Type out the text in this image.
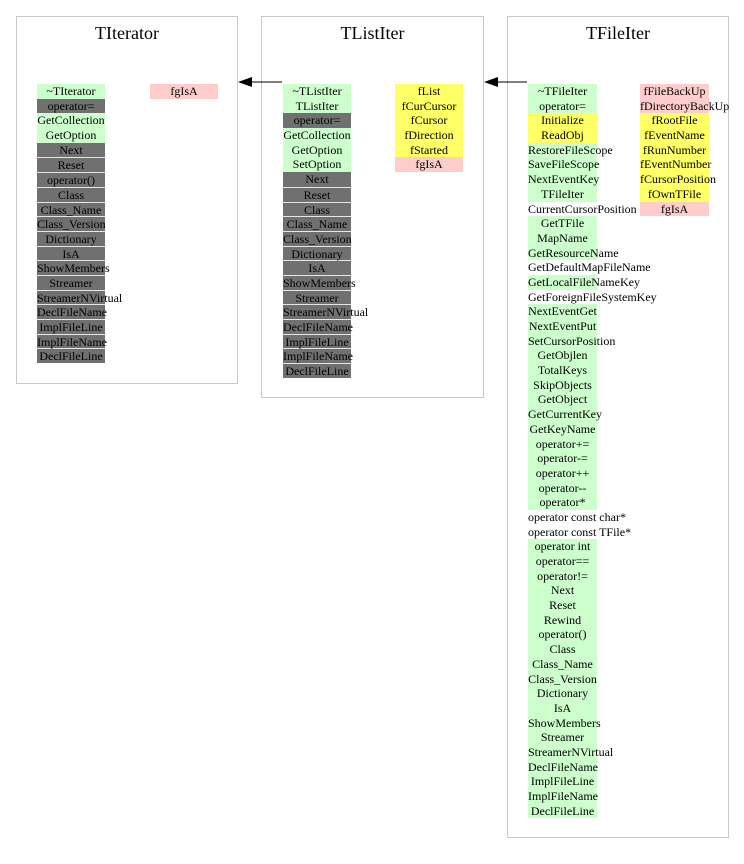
TIterator
~TIterator
operator=
GetCollection
GetOption
Next
Reset
operator()
Class
Class_Name
Class_Version
Dictionary
IsA
ShowMembers
Streamer
StreamerNVirtual
DeclFileName
ImplFileLine
ImplFileName
DeclFileLine
fgIsA
TListIter
~TListIter
TListIter
operator=
GetCollection
GetOption
SetOption
Next
Reset
Class
Class_Name
Class_Version
Dictionary
IsA
ShowMembers
Streamer
StreamerNVirtual
DeclFileName
ImplFileLine
ImplFileName
DeclFileLine
fList
fCurCursor
fCursor
fDirection
fStarted
fgIsA
TFileIter
~TFileIter
operator=
Initialize
ReadObj
RestoreFileScope
SaveFileScope
NextEventKey
TFileIter
CurrentCursorPosition
GetTFile
MapName
GetResourceName
GetDefaultMapFileName
GetLocalFileNameKey
GetForeignFileSystemKey
NextEventGet
NextEventPut
SetCursorPosition
GetObjlen
TotalKeys
SkipObjects
GetObject
GetCurrentKey
GetKeyName
operator+=
operator-=
operator++
operator--
operator*
operator const char*
operator const TFile*
operator int
operator==
operator!=
Next
Reset
Rewind
operator()
Class
Class_Name
Class_Version
Dictionary
IsA
ShowMembers
Streamer
StreamerNVirtual
DeclFileName
ImplFileLine
ImplFileName
DeclFileLine
fFileBackUp
fDirectoryBackUp
fRootFile
fEventName
fRunNumber
fEventNumber
fCursorPosition
fOwnTFile
fgIsA
